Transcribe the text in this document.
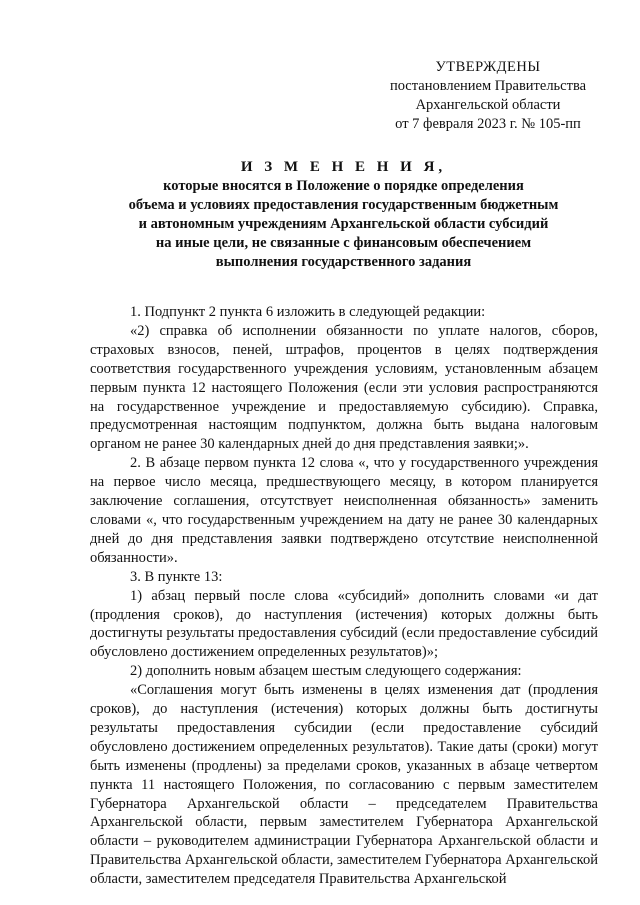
УТВЕРЖДЕНЫ
постановлением Правительства
Архангельской области
от 7 февраля 2023 г. № 105-пп
И З М Е Н Е Н И Я,
которые вносятся в Положение о порядке определения
объема и условиях предоставления государственным бюджетным
и автономным учреждениям Архангельской области субсидий
на иные цели, не связанные с финансовым обеспечением
выполнения государственного задания

1. Подпункт 2 пункта 6 изложить в следующей редакции:

«2) справка об исполнении обязанности по уплате налогов, сборов, страховых взносов, пеней, штрафов, процентов в целях подтверждения соответствия государственного учреждения условиям, установленным абзацем первым пункта 12 настоящего Положения (если эти условия распространяются на государственное учреждение и предоставляемую субсидию). Справка, предусмотренная настоящим подпунктом, должна быть выдана налоговым органом не ранее 30 календарных дней до дня представления заявки;».

2. В абзаце первом пункта 12 слова «, что у государственного учреждения на первое число месяца, предшествующего месяцу, в котором планируется заключение соглашения, отсутствует неисполненная обязанность» заменить словами «, что государственным учреждением на дату не ранее 30 календарных дней до дня представления заявки подтверждено отсутствие неисполненной обязанности».

3. В пункте 13:

1) абзац первый после слова «субсидий» дополнить словами «и дат (продления сроков), до наступления (истечения) которых должны быть достигнуты результаты предоставления субсидий (если предоставление субсидий обусловлено достижением определенных результатов)»;

2) дополнить новым абзацем шестым следующего содержания:

«Соглашения могут быть изменены в целях изменения дат (продления сроков), до наступления (истечения) которых должны быть достигнуты результаты предоставления субсидии (если предоставление субсидий обусловлено достижением определенных результатов). Такие даты (сроки) могут быть изменены (продлены) за пределами сроков, указанных в абзаце четвертом пункта 11 настоящего Положения, по согласованию с первым заместителем Губернатора Архангельской области – председателем Правительства Архангельской области, первым заместителем Губернатора Архангельской области – руководителем администрации Губернатора Архангельской области и Правительства Архангельской области, заместителем Губернатора Архангельской области, заместителем председателя Правительства Архангельской
